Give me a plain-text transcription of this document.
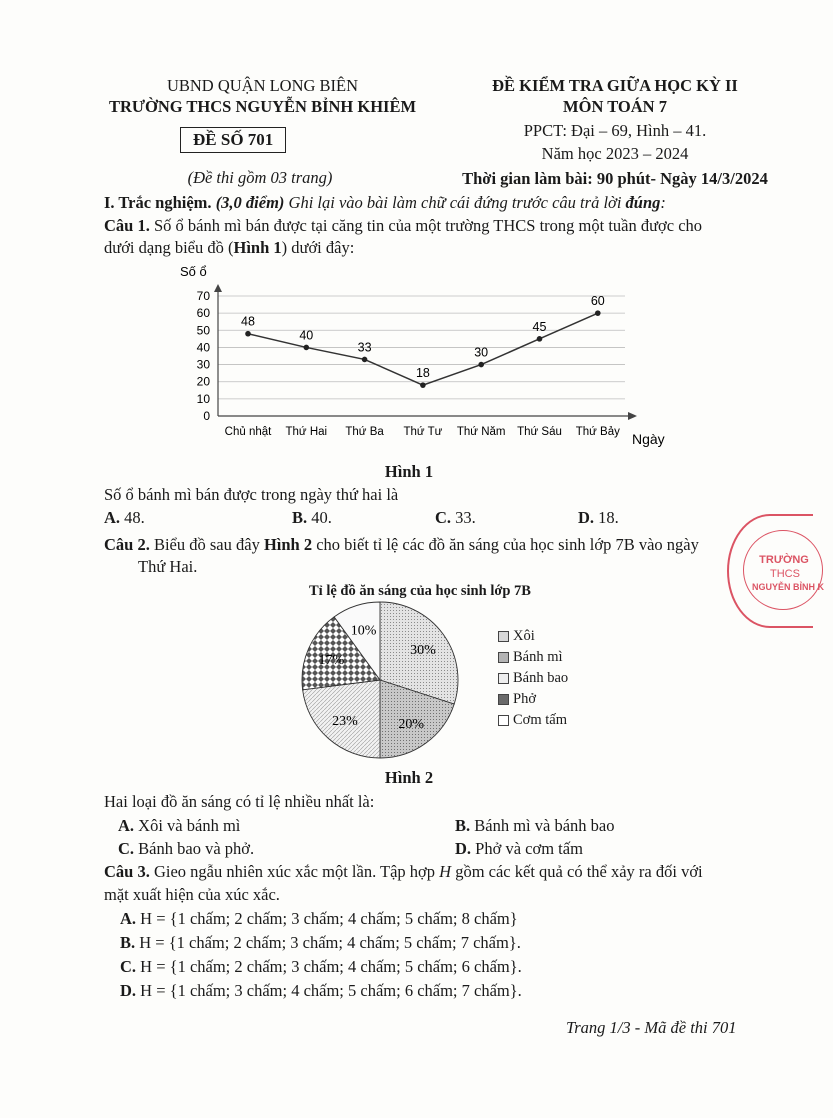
UBND QUẬN LONG BIÊN
TRƯỜNG THCS NGUYỄN BỈNH KHIÊM
ĐỀ SỐ 701
(Đề thi gồm 03 trang)
ĐỀ KIỂM TRA GIỮA HỌC KỲ II
MÔN TOÁN 7
PPCT: Đại – 69, Hình – 41.
Năm học 2023 – 2024
Thời gian làm bài: 90 phút- Ngày 14/3/2024
I. Trắc nghiệm. (3,0 điểm) Ghi lại vào bài làm chữ cái đứng trước câu trả lời đúng:
Câu 1. Số ổ bánh mì bán được tại căng tin của một trường THCS trong một tuần được cho
dưới dạng biểu đồ (Hình 1) dưới đây:
Số ổ
0
10
20
30
40
50
60
70
Chủ nhật Thứ Hai Thứ Ba Thứ Tư Thứ Năm Thứ Sáu Thứ Bảy
48
40
33
18
30
45
60
Ngày
Hình 1
Số ổ bánh mì bán được trong ngày thứ hai là
A. 48.	B. 40.	C. 33.	D. 18.
Câu 2. Biểu đồ sau đây Hình 2 cho biết tỉ lệ các đồ ăn sáng của học sinh lớp 7B vào ngày
Thứ Hai.
Tỉ lệ đồ ăn sáng của học sinh lớp 7B
30%
20%
23%
17%
10%	Xôi
Bánh mì
Bánh bao
Phở
Cơm tấm
Hình 2
Hai loại đồ ăn sáng có tỉ lệ nhiều nhất là:
A. Xôi và bánh mì	B. Bánh mì và bánh bao
C. Bánh bao và phở.	D. Phở và cơm tấm
Câu 3. Gieo ngẫu nhiên xúc xắc một lần. Tập hợp H gồm các kết quả có thể xảy ra đối với
mặt xuất hiện của xúc xắc.
A. H = {1 chấm; 2 chấm; 3 chấm; 4 chấm; 5 chấm; 8 chấm}
B. H = {1 chấm; 2 chấm; 3 chấm; 4 chấm; 5 chấm; 7 chấm}.
C. H = {1 chấm; 2 chấm; 3 chấm; 4 chấm; 5 chấm; 6 chấm}.
D. H = {1 chấm; 3 chấm; 4 chấm; 5 chấm; 6 chấm; 7 chấm}.
Trang 1/3 - Mã đề thi 701
TRƯỜNG
THCS
NGUYỄN BỈNH K
